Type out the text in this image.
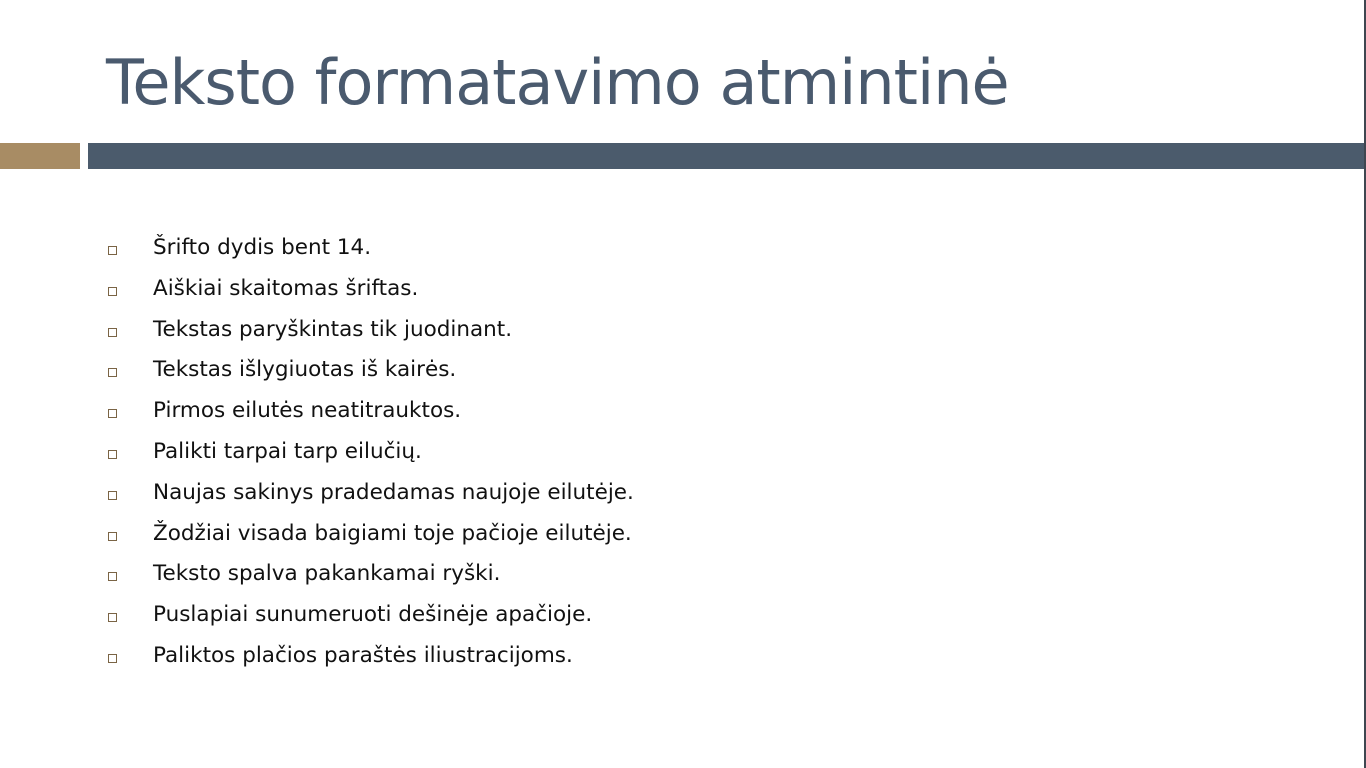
Teksto formatavimo atmintinė
Šrifto dydis bent 14.
Aiškiai skaitomas šriftas.
Tekstas paryškintas tik juodinant.
Tekstas išlygiuotas iš kairės.
Pirmos eilutės neatitrauktos.
Palikti tarpai tarp eilučių.
Naujas sakinys pradedamas naujoje eilutėje.
Žodžiai visada baigiami toje pačioje eilutėje.
Teksto spalva pakankamai ryški.
Puslapiai sunumeruoti dešinėje apačioje.
Paliktos plačios paraštės iliustracijoms.
